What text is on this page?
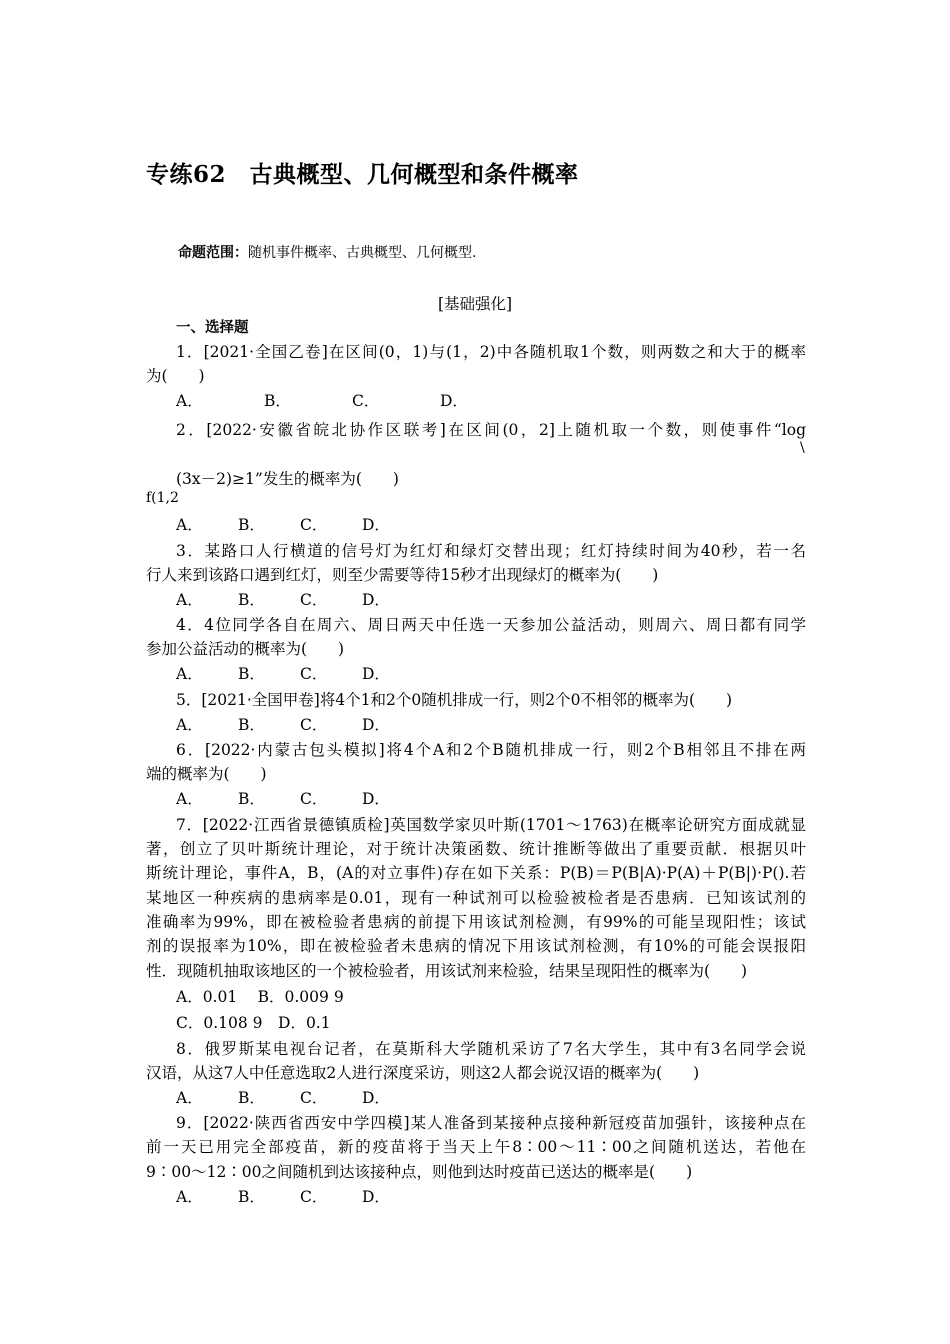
专练62　古典概型、几何概型和条件概率
命题范围：随机事件概率、古典概型、几何概型.
[基础强化]
一、选择题
1．[2021·全国乙卷]在区间(0，1)与(1，2)中各随机取1个数，则两数之和大于的概率
为(　　)
A．	B．	C．	D．
2．[2022·安徽省皖北协作区联考]在区间(0，2]上随机取一个数，则使事件“log
\
(3x－2)≥1”发生的概率为(　　)
f(1,2
A． B． C． D．
3．某路口人行横道的信号灯为红灯和绿灯交替出现；红灯持续时间为40秒，若一名
行人来到该路口遇到红灯，则至少需要等待15秒才出现绿灯的概率为(　　)
A． B． C． D．
4．4位同学各自在周六、周日两天中任选一天参加公益活动，则周六、周日都有同学
参加公益活动的概率为(　　)
A． B． C． D．
5．[2021·全国甲卷]将4个1和2个0随机排成一行，则2个0不相邻的概率为(　　)
A． B． C． D．
6．[2022·内蒙古包头模拟]将4个A和2个B随机排成一行，则2个B相邻且不排在两
端的概率为(　　)
A． B． C． D．
7．[2022·江西省景德镇质检]英国数学家贝叶斯(1701～1763)在概率论研究方面成就显
著，创立了贝叶斯统计理论，对于统计决策函数、统计推断等做出了重要贡献．根据贝叶
斯统计理论，事件A，B，(A的对立事件)存在如下关系：P(B)＝P(B|A)·P(A)＋P(B|)·P().若
某地区一种疾病的患病率是0.01，现有一种试剂可以检验被检者是否患病．已知该试剂的
准确率为99%，即在被检验者患病的前提下用该试剂检测，有99%的可能呈现阳性；该试
剂的误报率为10%，即在被检验者未患病的情况下用该试剂检测，有10%的可能会误报阳
性．现随机抽取该地区的一个被检验者，用该试剂来检验，结果呈现阳性的概率为(　　)
A．0.01　 B．0.009 9
C．0.108 9　D．0.1
8．俄罗斯某电视台记者，在莫斯科大学随机采访了7名大学生，其中有3名同学会说
汉语，从这7人中任意选取2人进行深度采访，则这2人都会说汉语的概率为(　　)
A． B． C． D．
9．[2022·陕西省西安中学四模]某人准备到某接种点接种新冠疫苗加强针，该接种点在
前一天已用完全部疫苗，新的疫苗将于当天上午8∶00～11∶00之间随机送达，若他在
9∶00～12∶00之间随机到达该接种点，则他到达时疫苗已送达的概率是(　　)
A． B． C． D．
